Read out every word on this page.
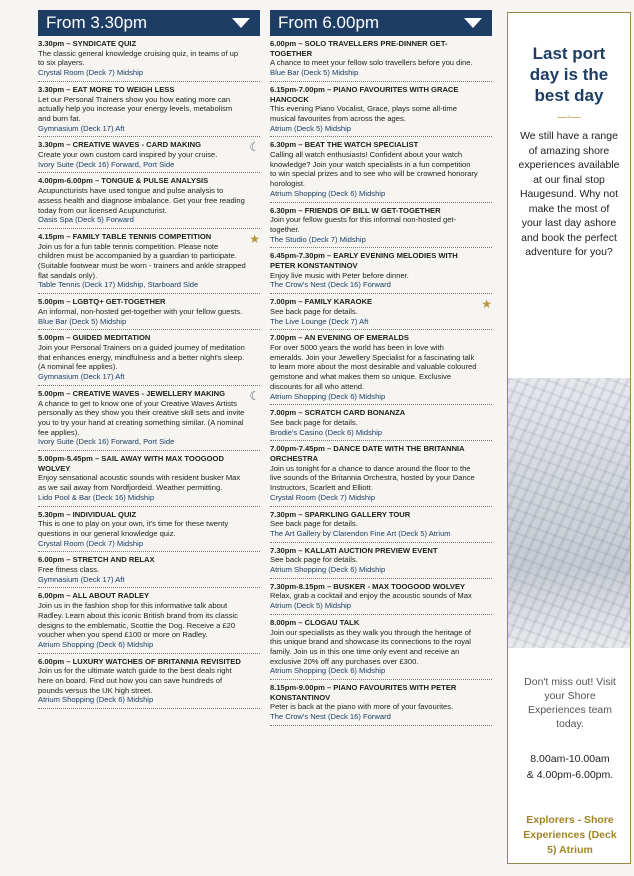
From 3.30pm
3.30pm – SYNDICATE QUIZ
The classic general knowledge cruising quiz, in teams of up to six players.
Crystal Room (Deck 7) Midship
3.30pm – EAT MORE TO WEIGH LESS
Let our Personal Trainers show you how eating more can actually help you increase your energy levels, metabolism and burn fat.
Gymnasium (Deck 17) Aft
3.30pm – CREATIVE WAVES - CARD MAKING
Create your own custom card inspired by your cruise.
Ivory Suite (Deck 16) Forward, Port Side
☾
4.00pm-6.00pm – TONGUE & PULSE ANALYSIS
Acupuncturists have used tongue and pulse analysis to assess health and diagnose imbalance. Get your free reading today from our licensed Acupuncturist.
Oasis Spa (Deck 5) Forward
4.15pm – FAMILY TABLE TENNIS COMPETITION
Join us for a fun table tennis competition. Please note children must be accompanied by a guardian to participate. (Suitable footwear must be worn - trainers and ankle strapped flat sandals only).
Table Tennis (Deck 17) Midship, Starboard Side
★
5.00pm – LGBTQ+ GET-TOGETHER
An informal, non-hosted get-together with your fellow guests.
Blue Bar (Deck 5) Midship
5.00pm – GUIDED MEDITATION
Join your Personal Trainers on a guided journey of meditation that enhances energy, mindfulness and a better night's sleep. (A nominal fee applies).
Gymnasium (Deck 17) Aft
5.00pm – CREATIVE WAVES - JEWELLERY MAKING
A chance to get to know one of your Creative Waves Artists personally as they show you their creative skill sets and invite you to try your hand at creating something similar. (A nominal fee applies).
Ivory Suite (Deck 16) Forward, Port Side
☾
5.00pm-5.45pm – SAIL AWAY WITH MAX TOOGOOD WOLVEY
Enjoy sensational acoustic sounds with resident busker Max as we sail away from Nordfjordeid. Weather permitting.
Lido Pool & Bar (Deck 16) Midship
5.30pm – INDIVIDUAL QUIZ
This is one to play on your own, it's time for these twenty questions in our general knowledge quiz.
Crystal Room (Deck 7) Midship
6.00pm – STRETCH AND RELAX
Free fitness class.
Gymnasium (Deck 17) Aft
6.00pm – ALL ABOUT RADLEY
Join us in the fashion shop for this informative talk about Radley. Learn about this iconic British brand from its classic designs to the emblematic, Scottie the Dog. Receive a £20 voucher when you spend £100 or more on Radley.
Atrium Shopping (Deck 6) Midship
6.00pm – LUXURY WATCHES OF BRITANNIA REVISITED
Join us for the ultimate watch guide to the best deals right here on board. Find out how you can save hundreds of pounds versus the UK high street.
Atrium Shopping (Deck 6) Midship
From 6.00pm
6.00pm – SOLO TRAVELLERS PRE-DINNER GET-TOGETHER
A chance to meet your fellow solo travellers before you dine.
Blue Bar (Deck 5) Midship
6.15pm-7.00pm – PIANO FAVOURITES WITH GRACE HANCOCK
This evening Piano Vocalist, Grace, plays some all-time musical favourites from across the ages.
Atrium (Deck 5) Midship
6.30pm – BEAT THE WATCH SPECIALIST
Calling all watch enthusiasts! Confident about your watch knowledge? Join your watch specialists in a fun competition to win special prizes and to see who will be crowned honorary horologist.
Atrium Shopping (Deck 6) Midship
6.30pm – FRIENDS OF BILL W GET-TOGETHER
Join your fellow guests for this informal non-hosted get-together.
The Studio (Deck 7) Midship
6.45pm-7.30pm – EARLY EVENING MELODIES WITH PETER KONSTANTINOV
Enjoy live music with Peter before dinner.
The Crow's Nest (Deck 16) Forward
7.00pm – FAMILY KARAOKE
See back page for details.
The Live Lounge (Deck 7) Aft
★
7.00pm – AN EVENING OF EMERALDS
For over 5000 years the world has been in love with emeralds. Join your Jewellery Specialist for a fascinating talk to learn more about the most desirable and valuable coloured gemstone and what makes them so unique. Exclusive discounts for all who attend.
Atrium Shopping (Deck 6) Midship
7.00pm – SCRATCH CARD BONANZA
See back page for details.
Brodie's Casino (Deck 6) Midship
7.00pm-7.45pm – DANCE DATE WITH THE BRITANNIA ORCHESTRA
Join us tonight for a chance to dance around the floor to the live sounds of the Britannia Orchestra, hosted by your Dance Instructors, Scarlett and Elliott.
Crystal Room (Deck 7) Midship
7.30pm – SPARKLING GALLERY TOUR
See back page for details.
The Art Gallery by Clarendon Fine Art (Deck 5) Atrium
7.30pm – KALLATI AUCTION PREVIEW EVENT
See back page for details.
Atrium Shopping (Deck 6) Midship
7.30pm-8.15pm – BUSKER - MAX TOOGOOD WOLVEY
Relax, grab a cocktail and enjoy the acoustic sounds of Max
Atrium (Deck 5) Midship
8.00pm – CLOGAU TALK
Join our specialists as they walk you through the heritage of this unique brand and showcase its connections to the royal family. Join us in this one time only event and receive an exclusive 20% off any purchases over £300.
Atrium Shopping (Deck 6) Midship
8.15pm-9.00pm – PIANO FAVOURITES WITH PETER KONSTANTINOV
Peter is back at the piano with more of your favourites.
The Crow's Nest (Deck 16) Forward
Last port day is the best day
—◦—
We still have a range of amazing shore experiences available at our final stop Haugesund. Why not make the most of your last day ashore and book the perfect adventure for you?
Don't miss out! Visit your Shore Experiences team today.
8.00am-10.00am
& 4.00pm-6.00pm.
Explorers - Shore Experiences (Deck 5) Atrium
